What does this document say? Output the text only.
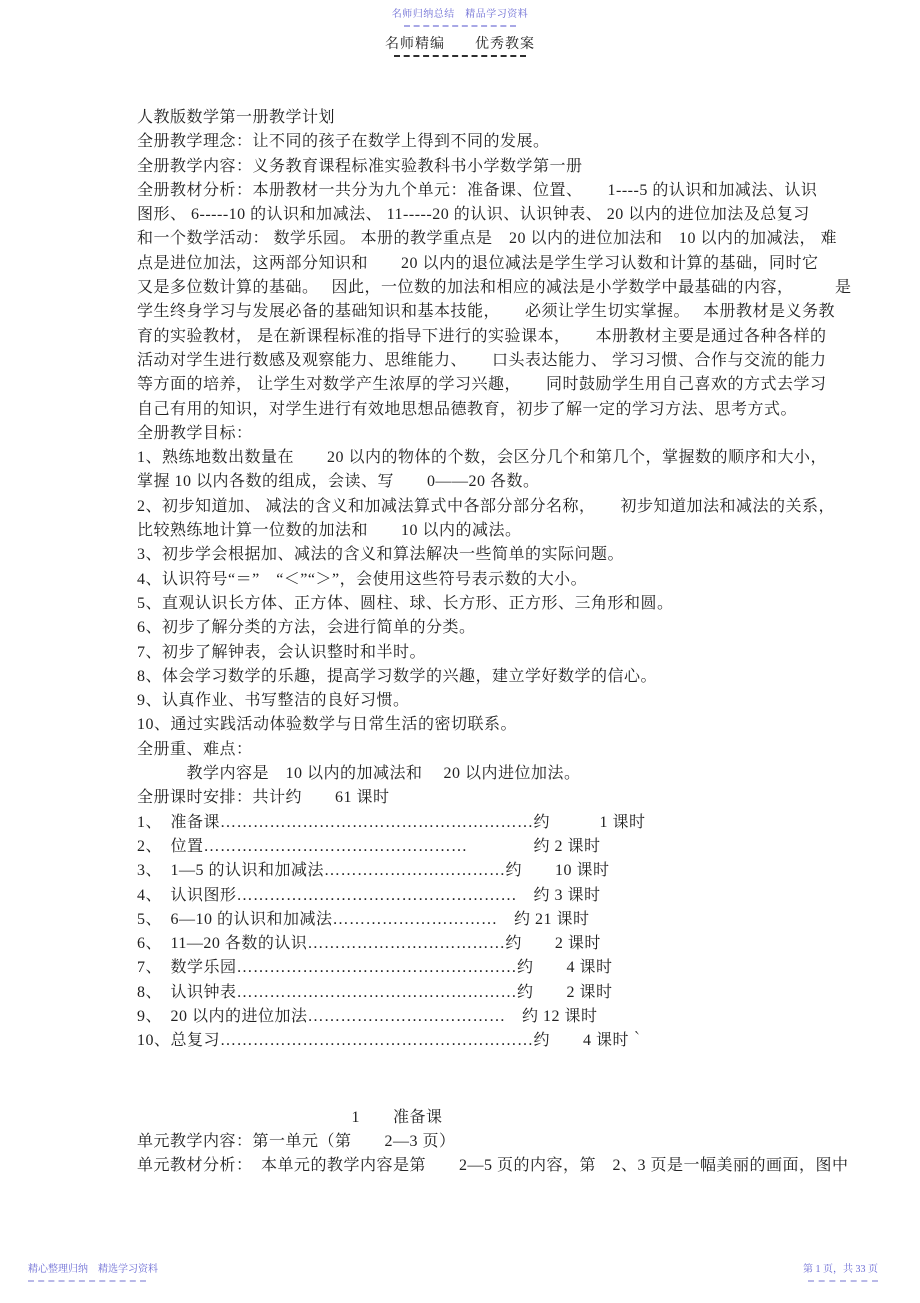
名师归纳总结　精品学习资料
名师精编　　优秀教案
人教版数学第一册教学计划
全册教学理念：让不同的孩子在数学上得到不同的发展。
全册教学内容：义务教育课程标准实验教科书小学数学第一册
全册教材分析：本册教材一共分为九个单元：准备课、位置、　　1----5 的认识和加减法、认识
图形、 6-----10 的认识和加减法、 11-----20 的认识、认识钟表、 20 以内的进位加法及总复习
和一个数学活动： 数学乐园。 本册的教学重点是　20 以内的进位加法和　10 以内的加减法， 难
点是进位加法，这两部分知识和　　20 以内的退位减法是学生学习认数和计算的基础，同时它
又是多位数计算的基础。　 因此，一位数的加法和相应的减法是小学数学中最基础的内容，　　　是
学生终身学习与发展必备的基础知识和基本技能，　　必须让学生切实掌握。　 本册教材是义务教
育的实验教材， 是在新课程标准的指导下进行的实验课本，　　本册教材主要是通过各种各样的
活动对学生进行数感及观察能力、思维能力、　　口头表达能力、 学习习惯、合作与交流的能力
等方面的培养， 让学生对数学产生浓厚的学习兴趣，　　同时鼓励学生用自己喜欢的方式去学习
自己有用的知识，对学生进行有效地思想品德教育，初步了解一定的学习方法、思考方式。
全册教学目标：
1、熟练地数出数量在　　20 以内的物体的个数，会区分几个和第几个，掌握数的顺序和大小，
掌握 10 以内各数的组成，会读、写　　0——20 各数。
2、初步知道加、 减法的含义和加减法算式中各部分部分名称，　　初步知道加法和减法的关系，
比较熟练地计算一位数的加法和　　10 以内的减法。
3、初步学会根据加、减法的含义和算法解决一些简单的实际问题。
4、认识符号“＝”　“＜”“＞”，会使用这些符号表示数的大小。
5、直观认识长方体、正方体、圆柱、球、长方形、正方形、三角形和圆。
6、初步了解分类的方法，会进行简单的分类。
7、初步了解钟表，会认识整时和半时。
8、体会学习数学的乐趣，提高学习数学的兴趣，建立学好数学的信心。
9、认真作业、书写整洁的良好习惯。
10、通过实践活动体验数学与日常生活的密切联系。
全册重、难点：
　　　教学内容是　10 以内的加减法和　 20 以内进位加法。
全册课时安排：共计约　　61 课时
1、　准备课…………………………………………………约　　　1 课时
2、　位置…………………………………………　　　　约 2 课时
3、　1—5 的认识和加减法……………………………约　　10 课时
4、　认识图形……………………………………………　约 3 课时
5、　6—10 的认识和加减法…………………………　约 21 课时
6、　11—20 各数的认识………………………………约　　2 课时
7、　数学乐园……………………………………………约　　4 课时
8、　认识钟表……………………………………………约　　2 课时
9、　20 以内的进位加法………………………………　约 12 课时
10、总复习…………………………………………………约　　4 课时｀
1　　准备课
单元教学内容：第一单元（第　　2—3 页）
单元教材分析：　本单元的教学内容是第　　2—5 页的内容，第　2、3 页是一幅美丽的画面，图中
精心整理归纳　精选学习资料	第 1 页，共 33 页
